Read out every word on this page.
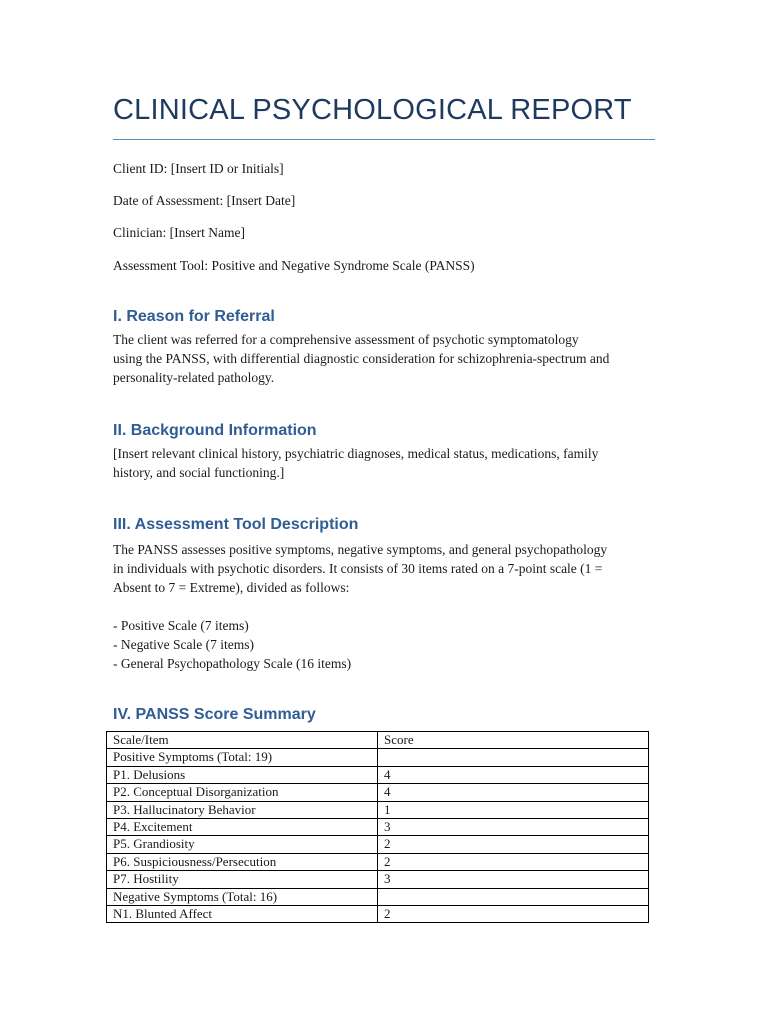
CLINICAL PSYCHOLOGICAL REPORT

Client ID: [Insert ID or Initials]

Date of Assessment: [Insert Date]

Clinician: [Insert Name]

Assessment Tool: Positive and Negative Syndrome Scale (PANSS)

I. Reason for Referral
The client was referred for a comprehensive assessment of psychotic symptomatology
using the PANSS, with differential diagnostic consideration for schizophrenia-spectrum and
personality-related pathology.
II. Background Information
[Insert relevant clinical history, psychiatric diagnoses, medical status, medications, family
history, and social functioning.]
III. Assessment Tool Description
The PANSS assesses positive symptoms, negative symptoms, and general psychopathology
in individuals with psychotic disorders. It consists of 30 items rated on a 7-point scale (1 =
Absent to 7 = Extreme), divided as follows:
- Positive Scale (7 items)
- Negative Scale (7 items)
- General Psychopathology Scale (16 items)
IV. PANSS Score Summary
Scale/Item	Score
Positive Symptoms (Total: 19)	
P1. Delusions	4
P2. Conceptual Disorganization	4
P3. Hallucinatory Behavior	1
P4. Excitement	3
P5. Grandiosity	2
P6. Suspiciousness/Persecution	2
P7. Hostility	3
Negative Symptoms (Total: 16)	
N1. Blunted Affect	2
